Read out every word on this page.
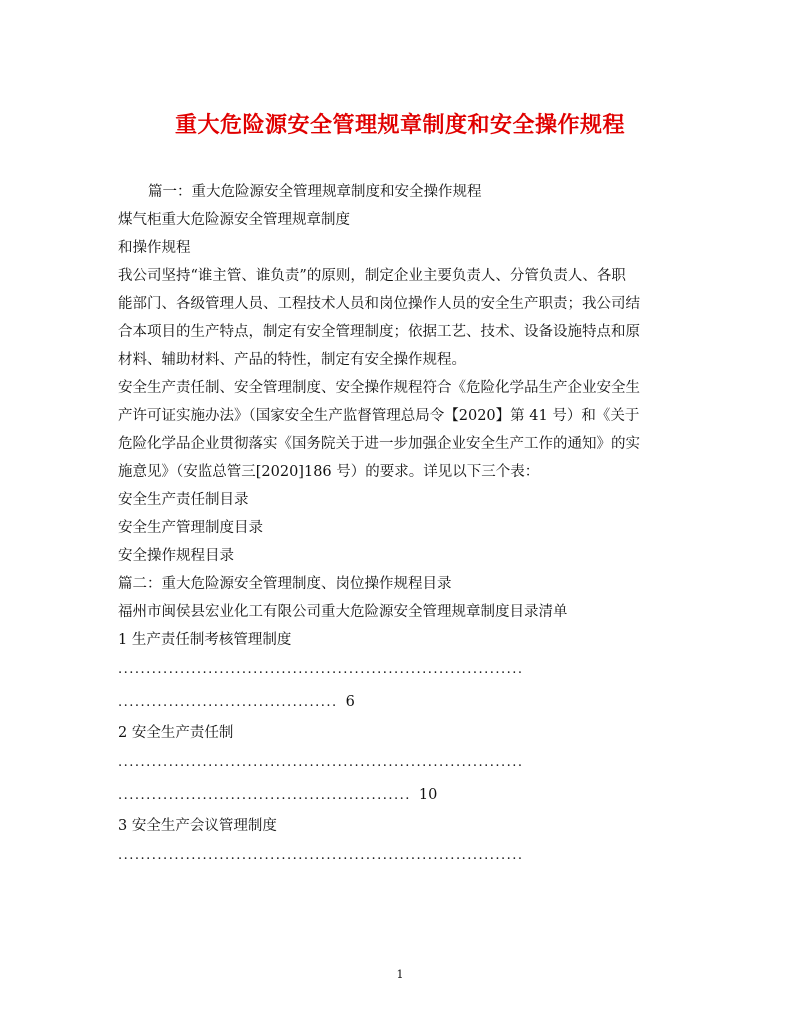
重大危险源安全管理规章制度和安全操作规程
篇一：重大危险源安全管理规章制度和安全操作规程
煤气柜重大危险源安全管理规章制度
和操作规程
我公司坚持“谁主管、谁负责”的原则，制定企业主要负责人、分管负责人、各职
能部门、各级管理人员、工程技术人员和岗位操作人员的安全生产职责；我公司结
合本项目的生产特点，制定有安全管理制度；依据工艺、技术、设备设施特点和原
材料、辅助材料、产品的特性，制定有安全操作规程。
安全生产责任制、安全管理制度、安全操作规程符合《危险化学品生产企业安全生
产许可证实施办法》（国家安全生产监督管理总局令【2020】第 41 号）和《关于
危险化学品企业贯彻落实《国务院关于进一步加强企业安全生产工作的通知》的实
施意见》（安监总管三[2020]186 号）的要求。详见以下三个表：
安全生产责任制目录
安全生产管理制度目录
安全操作规程目录
篇二：重大危险源安全管理制度、岗位操作规程目录
福州市闽侯县宏业化工有限公司重大危险源安全管理规章制度目录清单
1 生产责任制考核管理制度
........................................................................
....................................... 6
2 安全生产责任制
........................................................................
.................................................... 10
3 安全生产会议管理制度
........................................................................
1
